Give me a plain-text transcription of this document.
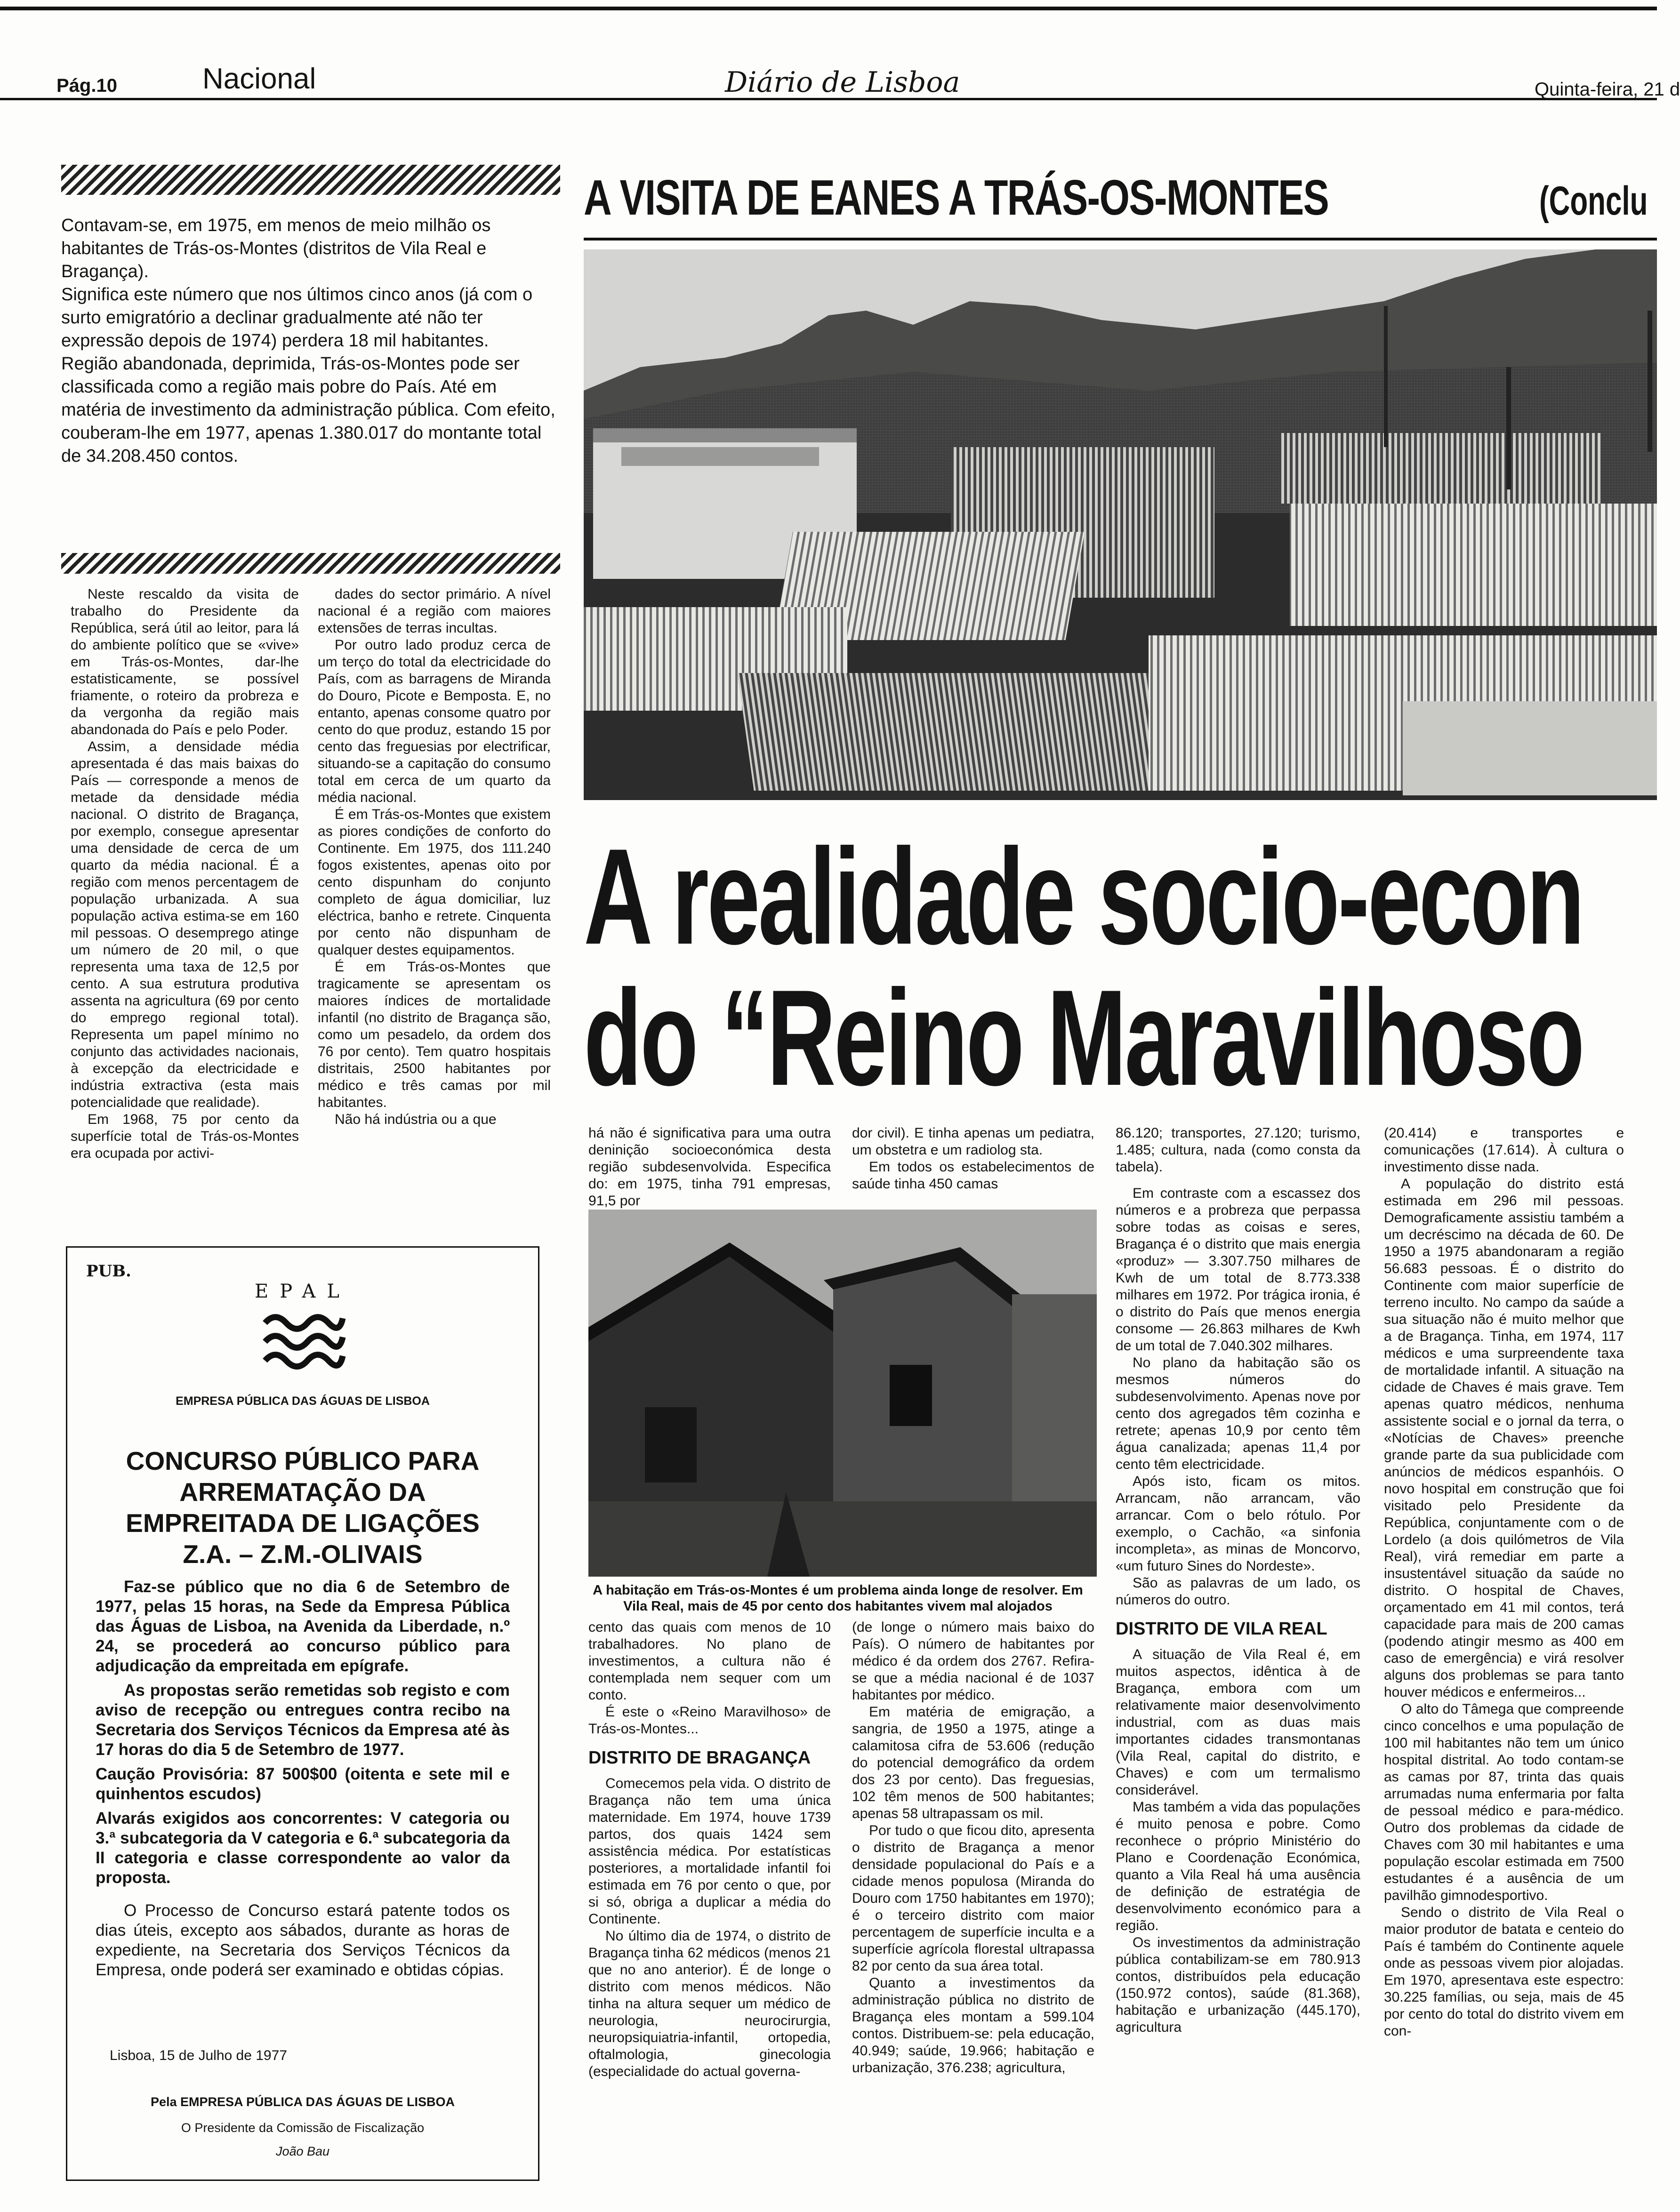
Pág.10	Nacional	Diário de Lisboa	Quinta-feira, 21 d

Contavam-se, em 1975, em menos de meio milhão os habitantes de Trás-os-Montes (distritos de Vila Real e Bragança).

Significa este número que nos últimos cinco anos (já com o surto emigratório a declinar gradualmente até não ter expressão depois de 1974) perdera 18 mil habitantes.

Região abandonada, deprimida, Trás-os-Montes pode ser classificada como a região mais pobre do País. Até em matéria de investimento da administração pública. Com efeito, couberam-lhe em 1977, apenas 1.380.017 do montante total de 34.208.450 contos.

Neste rescaldo da visita de trabalho do Presidente da República, será útil ao leitor, para lá do ambiente político que se «vive» em Trás-os-Montes, dar-lhe estatisticamente, se possível friamente, o roteiro da probreza e da vergonha da região mais abandonada do País e pelo Poder.

Assim, a densidade média apresentada é das mais baixas do País — corresponde a menos de metade da densidade média nacional. O distrito de Bragança, por exemplo, consegue apresentar uma densidade de cerca de um quarto da média nacional. É a região com menos percentagem de população urbanizada. A sua população activa estima-se em 160 mil pessoas. O desemprego atinge um número de 20 mil, o que representa uma taxa de 12,5 por cento. A sua estrutura produtiva assenta na agricultura (69 por cento do emprego regional total). Representa um papel mínimo no conjunto das actividades nacionais, à excepção da electricidade e indústria extractiva (esta mais potencialidade que realidade).

Em 1968, 75 por cento da superfície total de Trás-os-Montes era ocupada por activi-

dades do sector primário. A nível nacional é a região com maiores extensões de terras incultas.

Por outro lado produz cerca de um terço do total da electricidade do País, com as barragens de Miranda do Douro, Picote e Bemposta. E, no entanto, apenas consome quatro por cento do que produz, estando 15 por cento das freguesias por electrificar, situando-se a capitação do consumo total em cerca de um quarto da média nacional.

É em Trás-os-Montes que existem as piores condições de conforto do Continente. Em 1975, dos 111.240 fogos existentes, apenas oito por cento dispunham do conjunto completo de água domiciliar, luz eléctrica, banho e retrete. Cinquenta por cento não dispunham de qualquer destes equipamentos.

É em Trás-os-Montes que tragicamente se apresentam os maiores índices de mortalidade infantil (no distrito de Bragança são, como um pesadelo, da ordem dos 76 por cento). Tem quatro hospitais distritais, 2500 habitantes por médico e três camas por mil habitantes.

Não há indústria ou a que

PUB.
EPAL
EMPRESA PÚBLICA DAS ÁGUAS DE LISBOA
CONCURSO PÚBLICO PARA ARREMATAÇÃO DA EMPREITADA DE LIGAÇÕES Z.A. – Z.M.-OLIVAIS

Faz-se público que no dia 6 de Setembro de 1977, pelas 15 horas, na Sede da Empresa Pública das Águas de Lisboa, na Avenida da Liberdade, n.º 24, se procederá ao concurso público para adjudicação da empreitada em epígrafe.

As propostas serão remetidas sob registo e com aviso de recepção ou entregues contra recibo na Secretaria dos Serviços Técnicos da Empresa até às 17 horas do dia 5 de Setembro de 1977.

Caução Provisória: 87 500$00 (oitenta e sete mil e quinhentos escudos)

Alvarás exigidos aos concorrentes: V categoria ou 3.ª subcategoria da V categoria e 6.ª subcategoria da II categoria e classe correspondente ao valor da proposta.

O Processo de Concurso estará patente todos os dias úteis, excepto aos sábados, durante as horas de expediente, na Secretaria dos Serviços Técnicos da Empresa, onde poderá ser examinado e obtidas cópias.

Lisboa, 15 de Julho de 1977
Pela EMPRESA PÚBLICA DAS ÁGUAS DE LISBOA
O Presidente da Comissão de Fiscalização
João Bau
A VISITA DE EANES A TRÁS-OS-MONTES	(Conclu
A realidade socio-econ
do “Reino Maravilhoso

há não é significativa para uma outra deninição socioeconómica desta região subdesenvolvida. Especifica do: em 1975, tinha 791 empresas, 91,5 por

dor civil). E tinha apenas um pediatra, um obstetra e um radiolog sta.

Em todos os estabelecimentos de saúde tinha 450 camas

A habitação em Trás-os-Montes é um problema ainda longe de resolver. Em Vila Real, mais de 45 por cento dos habitantes vivem mal alojados

cento das quais com menos de 10 trabalhadores. No plano de investimentos, a cultura não é contemplada nem sequer com um conto.

É este o «Reino Maravilhoso» de Trás-os-Montes...

DISTRITO DE BRAGANÇA

Comecemos pela vida. O distrito de Bragança não tem uma única maternidade. Em 1974, houve 1739 partos, dos quais 1424 sem assistência médica. Por estatísticas posteriores, a mortalidade infantil foi estimada em 76 por cento o que, por si só, obriga a duplicar a média do Continente.

No último dia de 1974, o distrito de Bragança tinha 62 médicos (menos 21 que no ano anterior). É de longe o distrito com menos médicos. Não tinha na altura sequer um médico de neurologia, neurocirurgia, neuropsiquiatria-infantil, ortopedia, oftalmologia, ginecologia (especialidade do actual governa-

(de longe o número mais baixo do País). O número de habitantes por médico é da ordem dos 2767. Refira-se que a média nacional é de 1037 habitantes por médico.

Em matéria de emigração, a sangria, de 1950 a 1975, atinge a calamitosa cifra de 53.606 (redução do potencial demográfico da ordem dos 23 por cento). Das freguesias, 102 têm menos de 500 habitantes; apenas 58 ultrapassam os mil.

Por tudo o que ficou dito, apresenta o distrito de Bragança a menor densidade populacional do País e a cidade menos populosa (Miranda do Douro com 1750 habitantes em 1970); é o terceiro distrito com maior percentagem de superfície inculta e a superfície agrícola florestal ultrapassa 82 por cento da sua área total.

Quanto a investimentos da administração pública no distrito de Bragança eles montam a 599.104 contos. Distribuem-se: pela educação, 40.949; saúde, 19.966; habitação e urbanização, 376.238; agricultura,

86.120; transportes, 27.120; turismo, 1.485; cultura, nada (como consta da tabela).

Em contraste com a escassez dos números e a probreza que perpassa sobre todas as coisas e seres, Bragança é o distrito que mais energia «produz» — 3.307.750 milhares de Kwh de um total de 8.773.338 milhares em 1972. Por trágica ironia, é o distrito do País que menos energia consome — 26.863 milhares de Kwh de um total de 7.040.302 milhares.

No plano da habitação são os mesmos números do subdesenvolvimento. Apenas nove por cento dos agregados têm cozinha e retrete; apenas 10,9 por cento têm água canalizada; apenas 11,4 por cento têm electricidade.

Após isto, ficam os mitos. Arrancam, não arrancam, vão arrancar. Com o belo rótulo. Por exemplo, o Cachão, «a sinfonia incompleta», as minas de Moncorvo, «um futuro Sines do Nordeste».

São as palavras de um lado, os números do outro.

DISTRITO DE VILA REAL

A situação de Vila Real é, em muitos aspectos, idêntica à de Bragança, embora com um relativamente maior desenvolvimento industrial, com as duas mais importantes cidades transmontanas (Vila Real, capital do distrito, e Chaves) e com um termalismo considerável.

Mas também a vida das populações é muito penosa e pobre. Como reconhece o próprio Ministério do Plano e Coordenação Económica, quanto a Vila Real há uma ausência de definição de estratégia de desenvolvimento económico para a região.

Os investimentos da administração pública contabilizam-se em 780.913 contos, distribuídos pela educação (150.972 contos), saúde (81.368), habitação e urbanização (445.170), agricultura

(20.414) e transportes e comunicações (17.614). À cultura o investimento disse nada.

A população do distrito está estimada em 296 mil pessoas. Demograficamente assistiu também a um decréscimo na década de 60. De 1950 a 1975 abandonaram a região 56.683 pessoas. É o distrito do Continente com maior superfície de terreno inculto. No campo da saúde a sua situação não é muito melhor que a de Bragança. Tinha, em 1974, 117 médicos e uma surpreendente taxa de mortalidade infantil. A situação na cidade de Chaves é mais grave. Tem apenas quatro médicos, nenhuma assistente social e o jornal da terra, o «Notícias de Chaves» preenche grande parte da sua publicidade com anúncios de médicos espanhóis. O novo hospital em construção que foi visitado pelo Presidente da República, conjuntamente com o de Lordelo (a dois quilómetros de Vila Real), virá remediar em parte a insustentável situação da saúde no distrito. O hospital de Chaves, orçamentado em 41 mil contos, terá capacidade para mais de 200 camas (podendo atingir mesmo as 400 em caso de emergência) e virá resolver alguns dos problemas se para tanto houver médicos e enfermeiros...

O alto do Tâmega que compreende cinco concelhos e uma população de 100 mil habitantes não tem um único hospital distrital. Ao todo contam-se as camas por 87, trinta das quais arrumadas numa enfermaria por falta de pessoal médico e para-médico. Outro dos problemas da cidade de Chaves com 30 mil habitantes e uma população escolar estimada em 7500 estudantes é a ausência de um pavilhão gimnodesportivo.

Sendo o distrito de Vila Real o maior produtor de batata e centeio do País é também do Continente aquele onde as pessoas vivem pior alojadas. Em 1970, apresentava este espectro: 30.225 famílias, ou seja, mais de 45 por cento do total do distrito vivem em con-
